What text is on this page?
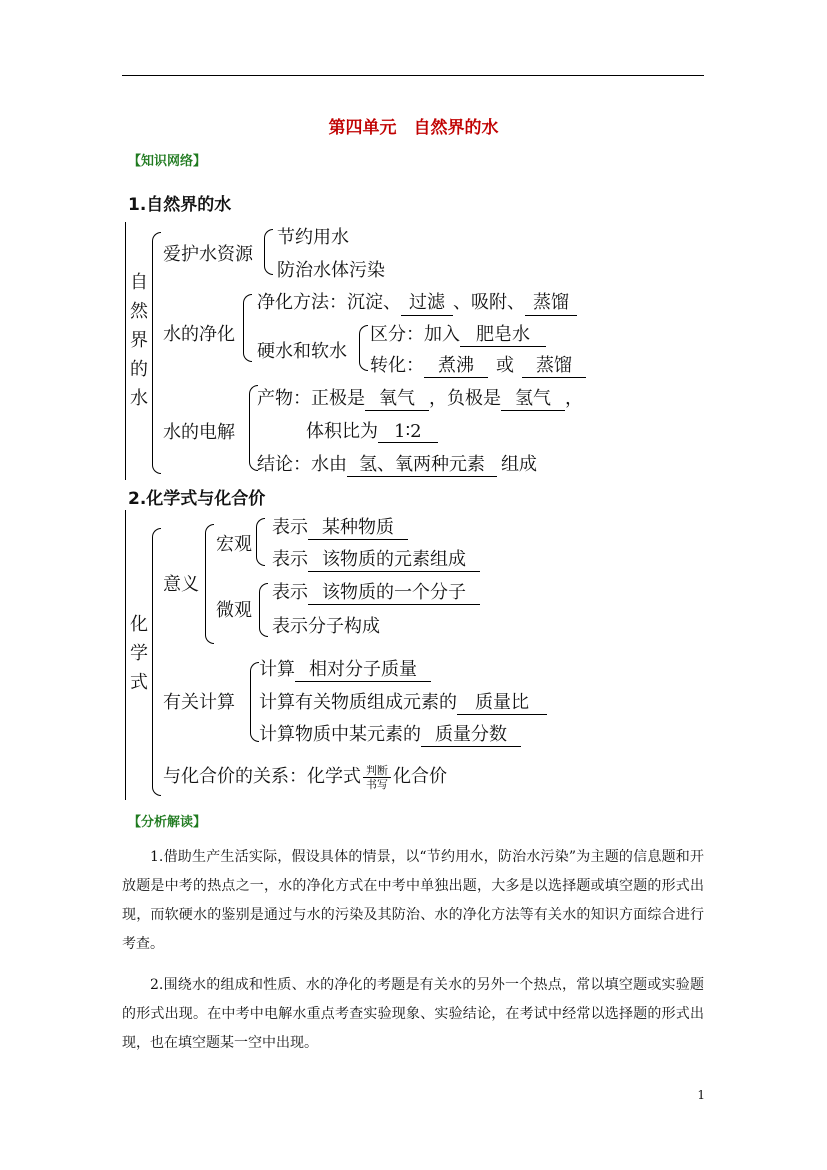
第四单元　自然界的水
【知识网络】
1.自然界的水
自
然
界
的
水
爱护水资源
节约用水
防治水体污染
水的净化
净化方法：沉淀、 过滤 、吸附、 蒸馏
硬水和软水
区分：加入 肥皂水
转化： 煮沸 或 蒸馏
水的电解
产物：正极是 氧气 ，负极是 氢气 ，
体积比为 1∶2
结论：水由 氢、氧两种元素 组成
2.化学式与化合价
化
学
式
意义
宏观
表示 某种物质
表示 该物质的元素组成
微观
表示 该物质的一个分子
表示分子构成
有关计算
计算 相对分子质量
计算有关物质组成元素的 质量比
计算物质中某元素的 质量分数
与化合价的关系：化学式 $\frac{\text{判断}}{\text{书写}}$ 化合价
【分析解读】
1.借助生产生活实际，假设具体的情景，以“节约用水，防治水污染”为主题的信息题和开放题是中考的热点之一，水的净化方式在中考中单独出题，大多是以选择题或填空题的形式出现，而软硬水的鉴别是通过与水的污染及其防治、水的净化方法等有关水的知识方面综合进行考查。
2.围绕水的组成和性质、水的净化的考题是有关水的另外一个热点，常以填空题或实验题的形式出现。在中考中电解水重点考查实验现象、实验结论，在考试中经常以选择题的形式出现，也在填空题某一空中出现。
1
